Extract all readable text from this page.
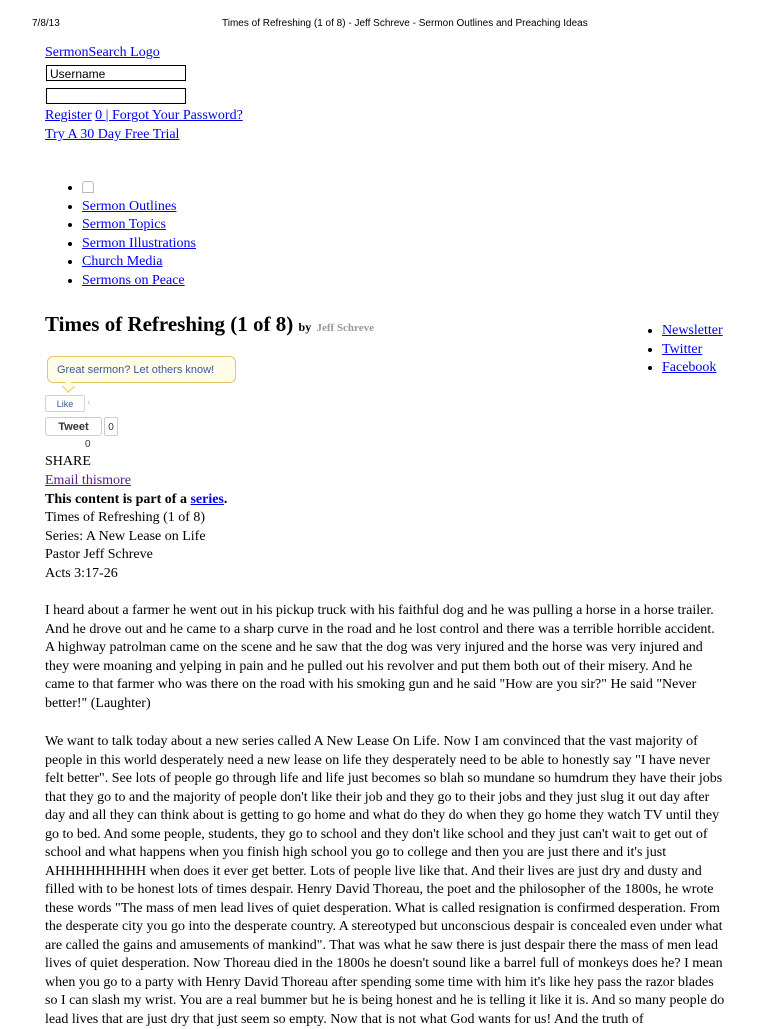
7/8/13	Times of Refreshing (1 of 8) - Jeff Schreve - Sermon Outlines and Preaching Ideas
SermonSearch Logo
Username
Register 0 | Forgot Your Password?
Try A 30 Day Free Trial
•
• Sermon Outlines
• Sermon Topics
• Sermon Illustrations
• Church Media
• Sermons on Peace
Times of Refreshing (1 of 8) by Jeff Schreve
•	Newsletter
• Twitter
• Facebook
Great sermon? Let others know!
Like	‹
Tweet	0
0
SHARE
Email thismore
This content is part of a series.
Times of Refreshing (1 of 8)
Series: A New Lease on Life
Pastor Jeff Schreve
Acts 3:17-26

I heard about a farmer he went out in his pickup truck with his faithful dog and he was pulling a horse in a horse trailer. And he drove out and he came to a sharp curve in the road and he lost control and there was a terrible horrible accident. A highway patrolman came on the scene and he saw that the dog was very injured and the horse was very injured and they were moaning and yelping in pain and he pulled out his revolver and put them both out of their misery. And he came to that farmer who was there on the road with his smoking gun and he said "How are you sir?" He said "Never better!" (Laughter)

We want to talk today about a new series called A New Lease On Life. Now I am convinced that the vast majority of people in this world desperately need a new lease on life they desperately need to be able to honestly say "I have never felt better". See lots of people go through life and life just becomes so blah so mundane so humdrum they have their jobs that they go to and the majority of people don't like their job and they go to their jobs and they just slug it out day after day and all they can think about is getting to go home and what do they do when they go home they watch TV until they go to bed. And some people, students, they go to school and they don't like school and they just can't wait to get out of school and what happens when you finish high school you go to college and then you are just there and it's just AHHHHHHHHH when does it ever get better. Lots of people live like that. And their lives are just dry and dusty and filled with to be honest lots of times despair. Henry David Thoreau, the poet and the philosopher of the 1800s, he wrote these words "The mass of men lead lives of quiet desperation. What is called resignation is confirmed desperation. From the desperate city you go into the desperate country. A stereotyped but unconscious despair is concealed even under what are called the gains and amusements of mankind". That was what he saw there is just despair there the mass of men lead lives of quiet desperation. Now Thoreau died in the 1800s he doesn't sound like a barrel full of monkeys does he? I mean when you go to a party with Henry David Thoreau after spending some time with him it's like hey pass the razor blades so I can slash my wrist. You are a real bummer but he is being honest and he is telling it like it is. And so many people do lead lives that are just dry that just seem so empty. Now that is not what God wants for us! And the truth of
